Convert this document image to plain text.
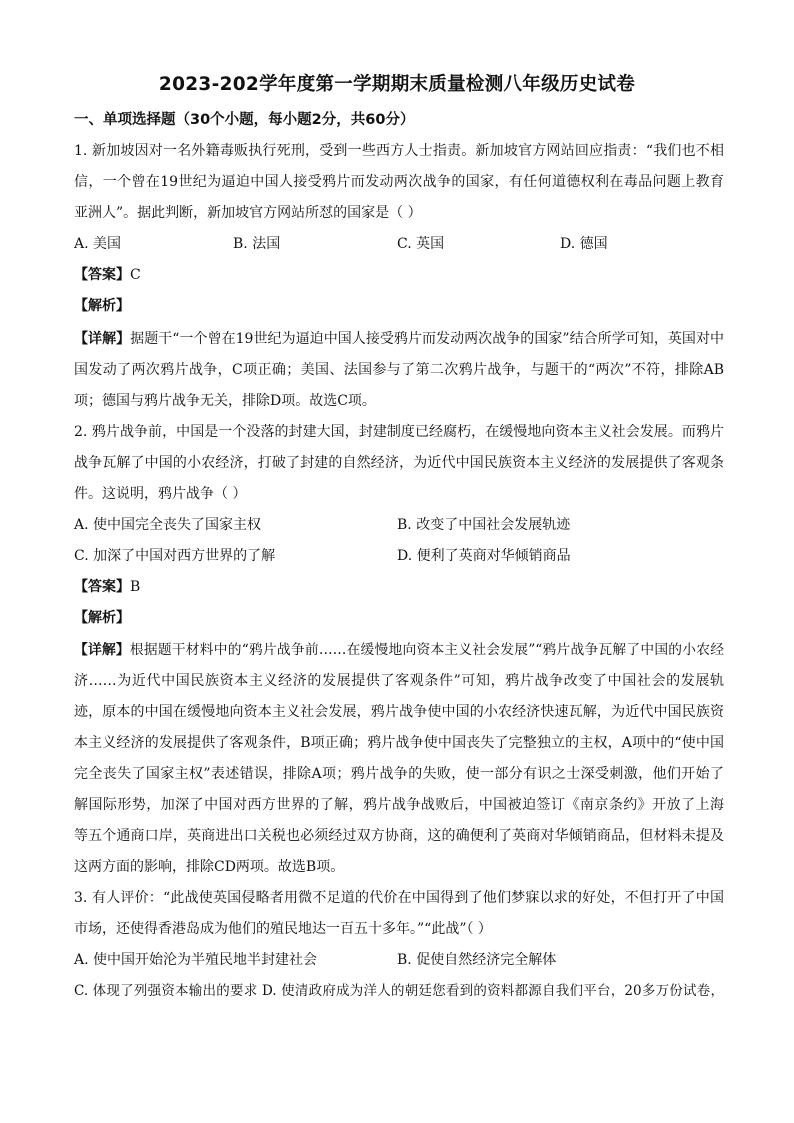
2023-202学年度第一学期期末质量检测八年级历史试卷
一、单项选择题（30个小题，每小题2分，共60分）
1. 新加坡因对一名外籍毒贩执行死刑，受到一些西方人士指责。新加坡官方网站回应指责：“我们也不相
信，一个曾在19世纪为逼迫中国人接受鸦片而发动两次战争的国家，有任何道德权利在毒品问题上教育
亚洲人”。据此判断，新加坡官方网站所怼的国家是（ ）
A. 美国	B. 法国	C. 英国	D. 德国
【答案】C
【解析】
【详解】据题干“一个曾在19世纪为逼迫中国人接受鸦片而发动两次战争的国家”结合所学可知，英国对中
国发动了两次鸦片战争，C项正确；美国、法国参与了第二次鸦片战争，与题干的“两次”不符，排除AB
项；德国与鸦片战争无关，排除D项。故选C项。
2. 鸦片战争前，中国是一个没落的封建大国，封建制度已经腐朽，在缓慢地向资本主义社会发展。而鸦片
战争瓦解了中国的小农经济，打破了封建的自然经济，为近代中国民族资本主义经济的发展提供了客观条
件。这说明，鸦片战争（ ）
A. 使中国完全丧失了国家主权	B. 改变了中国社会发展轨迹
C. 加深了中国对西方世界的了解	D. 便利了英商对华倾销商品
【答案】B
【解析】
【详解】根据题干材料中的“鸦片战争前……在缓慢地向资本主义社会发展”“鸦片战争瓦解了中国的小农经
济……为近代中国民族资本主义经济的发展提供了客观条件”可知，鸦片战争改变了中国社会的发展轨
迹，原本的中国在缓慢地向资本主义社会发展，鸦片战争使中国的小农经济快速瓦解，为近代中国民族资
本主义经济的发展提供了客观条件，B项正确；鸦片战争使中国丧失了完整独立的主权，A项中的“使中国
完全丧失了国家主权”表述错误，排除A项；鸦片战争的失败，使一部分有识之士深受刺激，他们开始了
解国际形势，加深了中国对西方世界的了解，鸦片战争战败后，中国被迫签订《南京条约》开放了上海
等五个通商口岸，英商进出口关税也必须经过双方协商，这的确便利了英商对华倾销商品，但材料未提及
这两方面的影响，排除CD两项。故选B项。
3. 有人评价：“此战使英国侵略者用微不足道的代价在中国得到了他们梦寐以求的好处，不但打开了中国
市场，还使得香港岛成为他们的殖民地达一百五十多年。”“此战”（ ）
A. 使中国开始沦为半殖民地半封建社会	B. 促使自然经济完全解体
C. 体现了列强资本输出的要求 D. 使清政府成为洋人的朝廷您看到的资料都源自我们平台，20多万份试卷，
